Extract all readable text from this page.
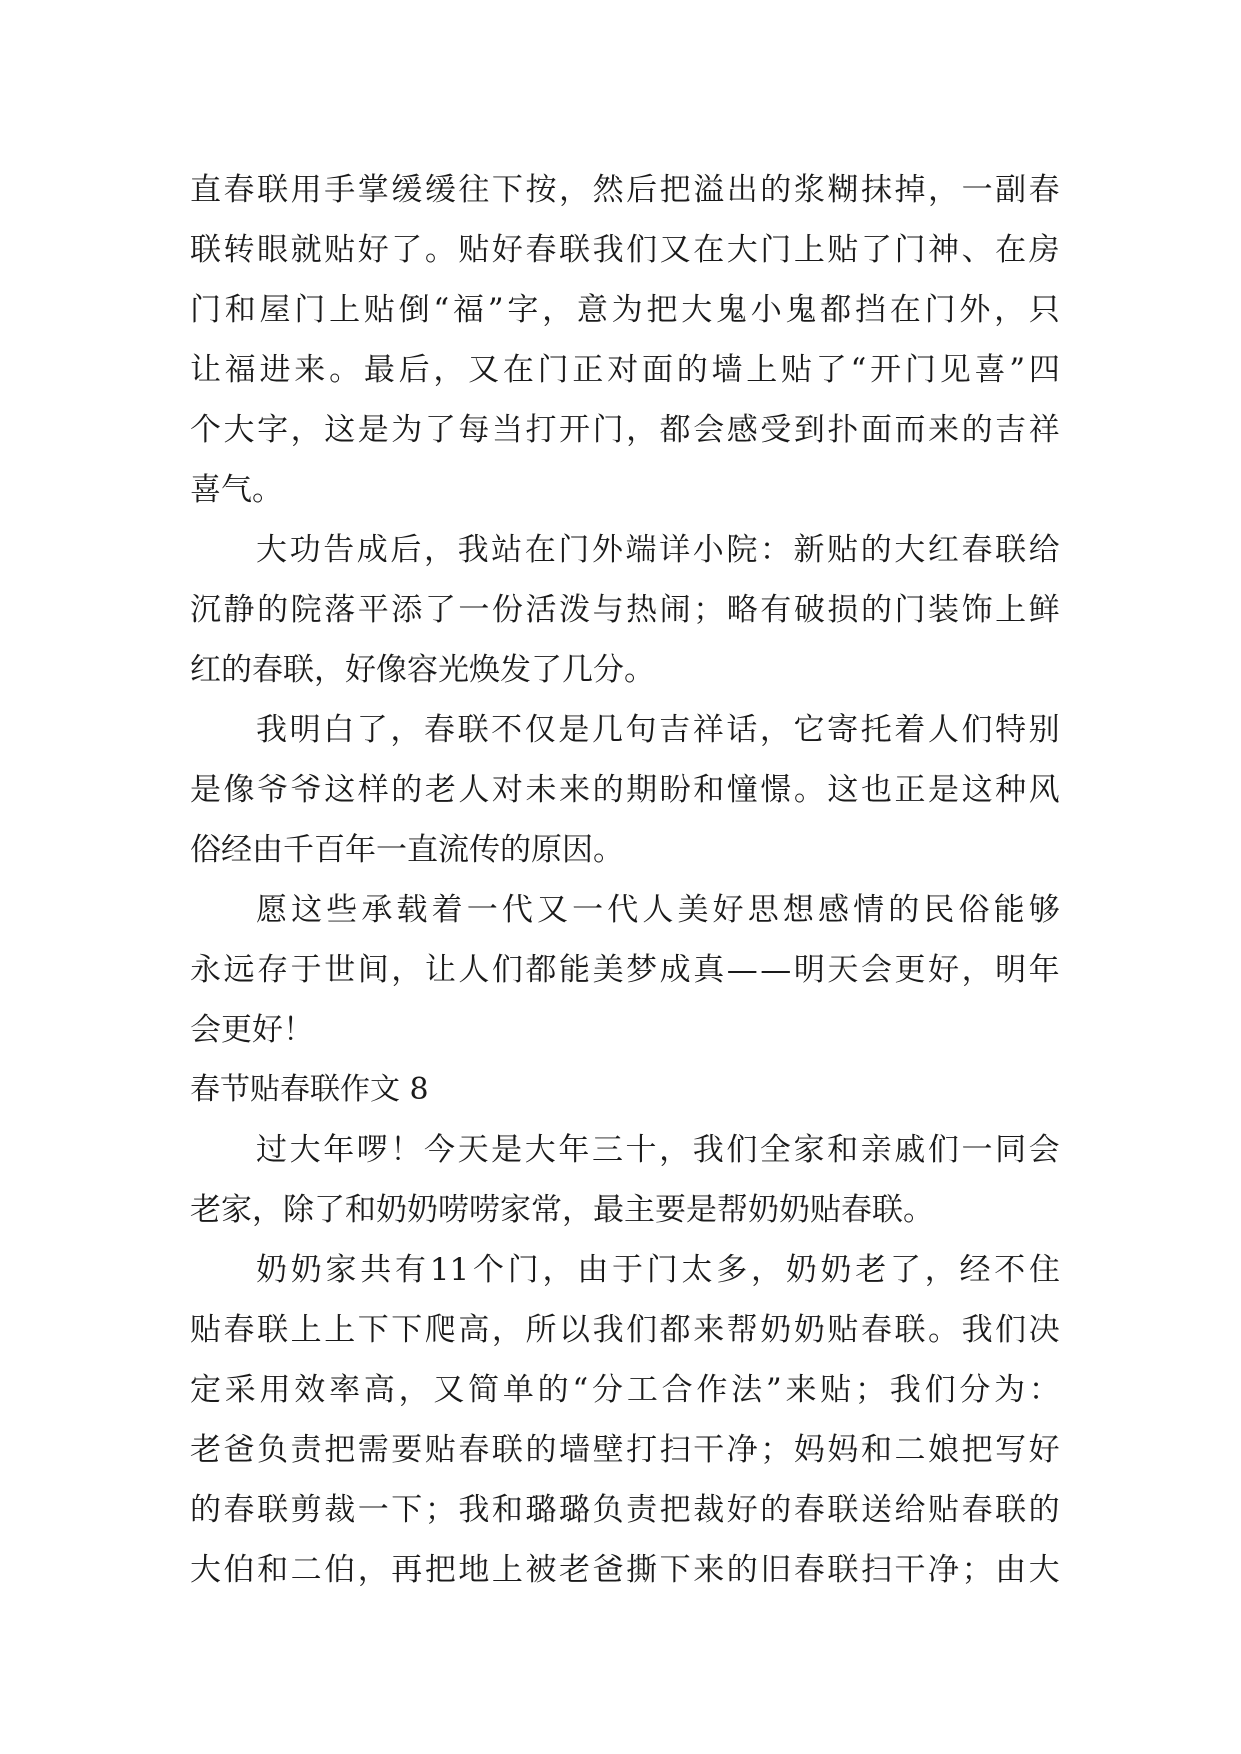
直 春 联 用 手 掌 缓 缓 往 下 按 ， 然 后 把 溢 出 的 浆 糊 抹 掉 ， 一 副 春
联 转 眼 就 贴 好 了 。 贴 好 春 联 我 们 又 在 大 门 上 贴 了 门 神 、 在 房
门 和 屋 门 上 贴 倒 “ 福 ” 字 ， 意 为 把 大 鬼 小 鬼 都 挡 在 门 外 ， 只
让 福 进 来 。 最 后 ， 又 在 门 正 对 面 的 墙 上 贴 了 “ 开 门 见 喜 ” 四
个 大 字 ， 这 是 为 了 每 当 打 开 门 ， 都 会 感 受 到 扑 面 而 来 的 吉 祥
喜气。
大 功 告 成 后 ， 我 站 在 门 外 端 详 小 院 ： 新 贴 的 大 红 春 联 给
沉 静 的 院 落 平 添 了 一 份 活 泼 与 热 闹 ； 略 有 破 损 的 门 装 饰 上 鲜
红的春联，好像容光焕发了几分。
我 明 白 了 ， 春 联 不 仅 是 几 句 吉 祥 话 ， 它 寄 托 着 人 们 特 别
是 像 爷 爷 这 样 的 老 人 对 未 来 的 期 盼 和 憧 憬 。 这 也 正 是 这 种 风
俗经由千百年一直流传的原因。
愿 这 些 承 载 着 一 代 又 一 代 人 美 好 思 想 感 情 的 民 俗 能 够
永 远 存 于 世 间 ， 让 人 们 都 能 美 梦 成 真 — — 明 天 会 更 好 ， 明 年
会更好！
春节贴春联作文 8
过 大 年 啰 ！ 今 天 是 大 年 三 十 ， 我 们 全 家 和 亲 戚 们 一 同 会
老家，除了和奶奶唠唠家常，最主要是帮奶奶贴春联。
奶 奶 家 共 有 11 个 门 ， 由 于 门 太 多 ， 奶 奶 老 了 ， 经 不 住
贴 春 联 上 上 下 下 爬 高 ， 所 以 我 们 都 来 帮 奶 奶 贴 春 联 。 我 们 决
定 采 用 效 率 高 ， 又 简 单 的 “ 分 工 合 作 法 ” 来 贴 ； 我 们 分 为 ：
老 爸 负 责 把 需 要 贴 春 联 的 墙 壁 打 扫 干 净 ； 妈 妈 和 二 娘 把 写 好
的 春 联 剪 裁 一 下 ； 我 和 璐 璐 负 责 把 裁 好 的 春 联 送 给 贴 春 联 的
大 伯 和 二 伯 ， 再 把 地 上 被 老 爸 撕 下 来 的 旧 春 联 扫 干 净 ； 由 大
